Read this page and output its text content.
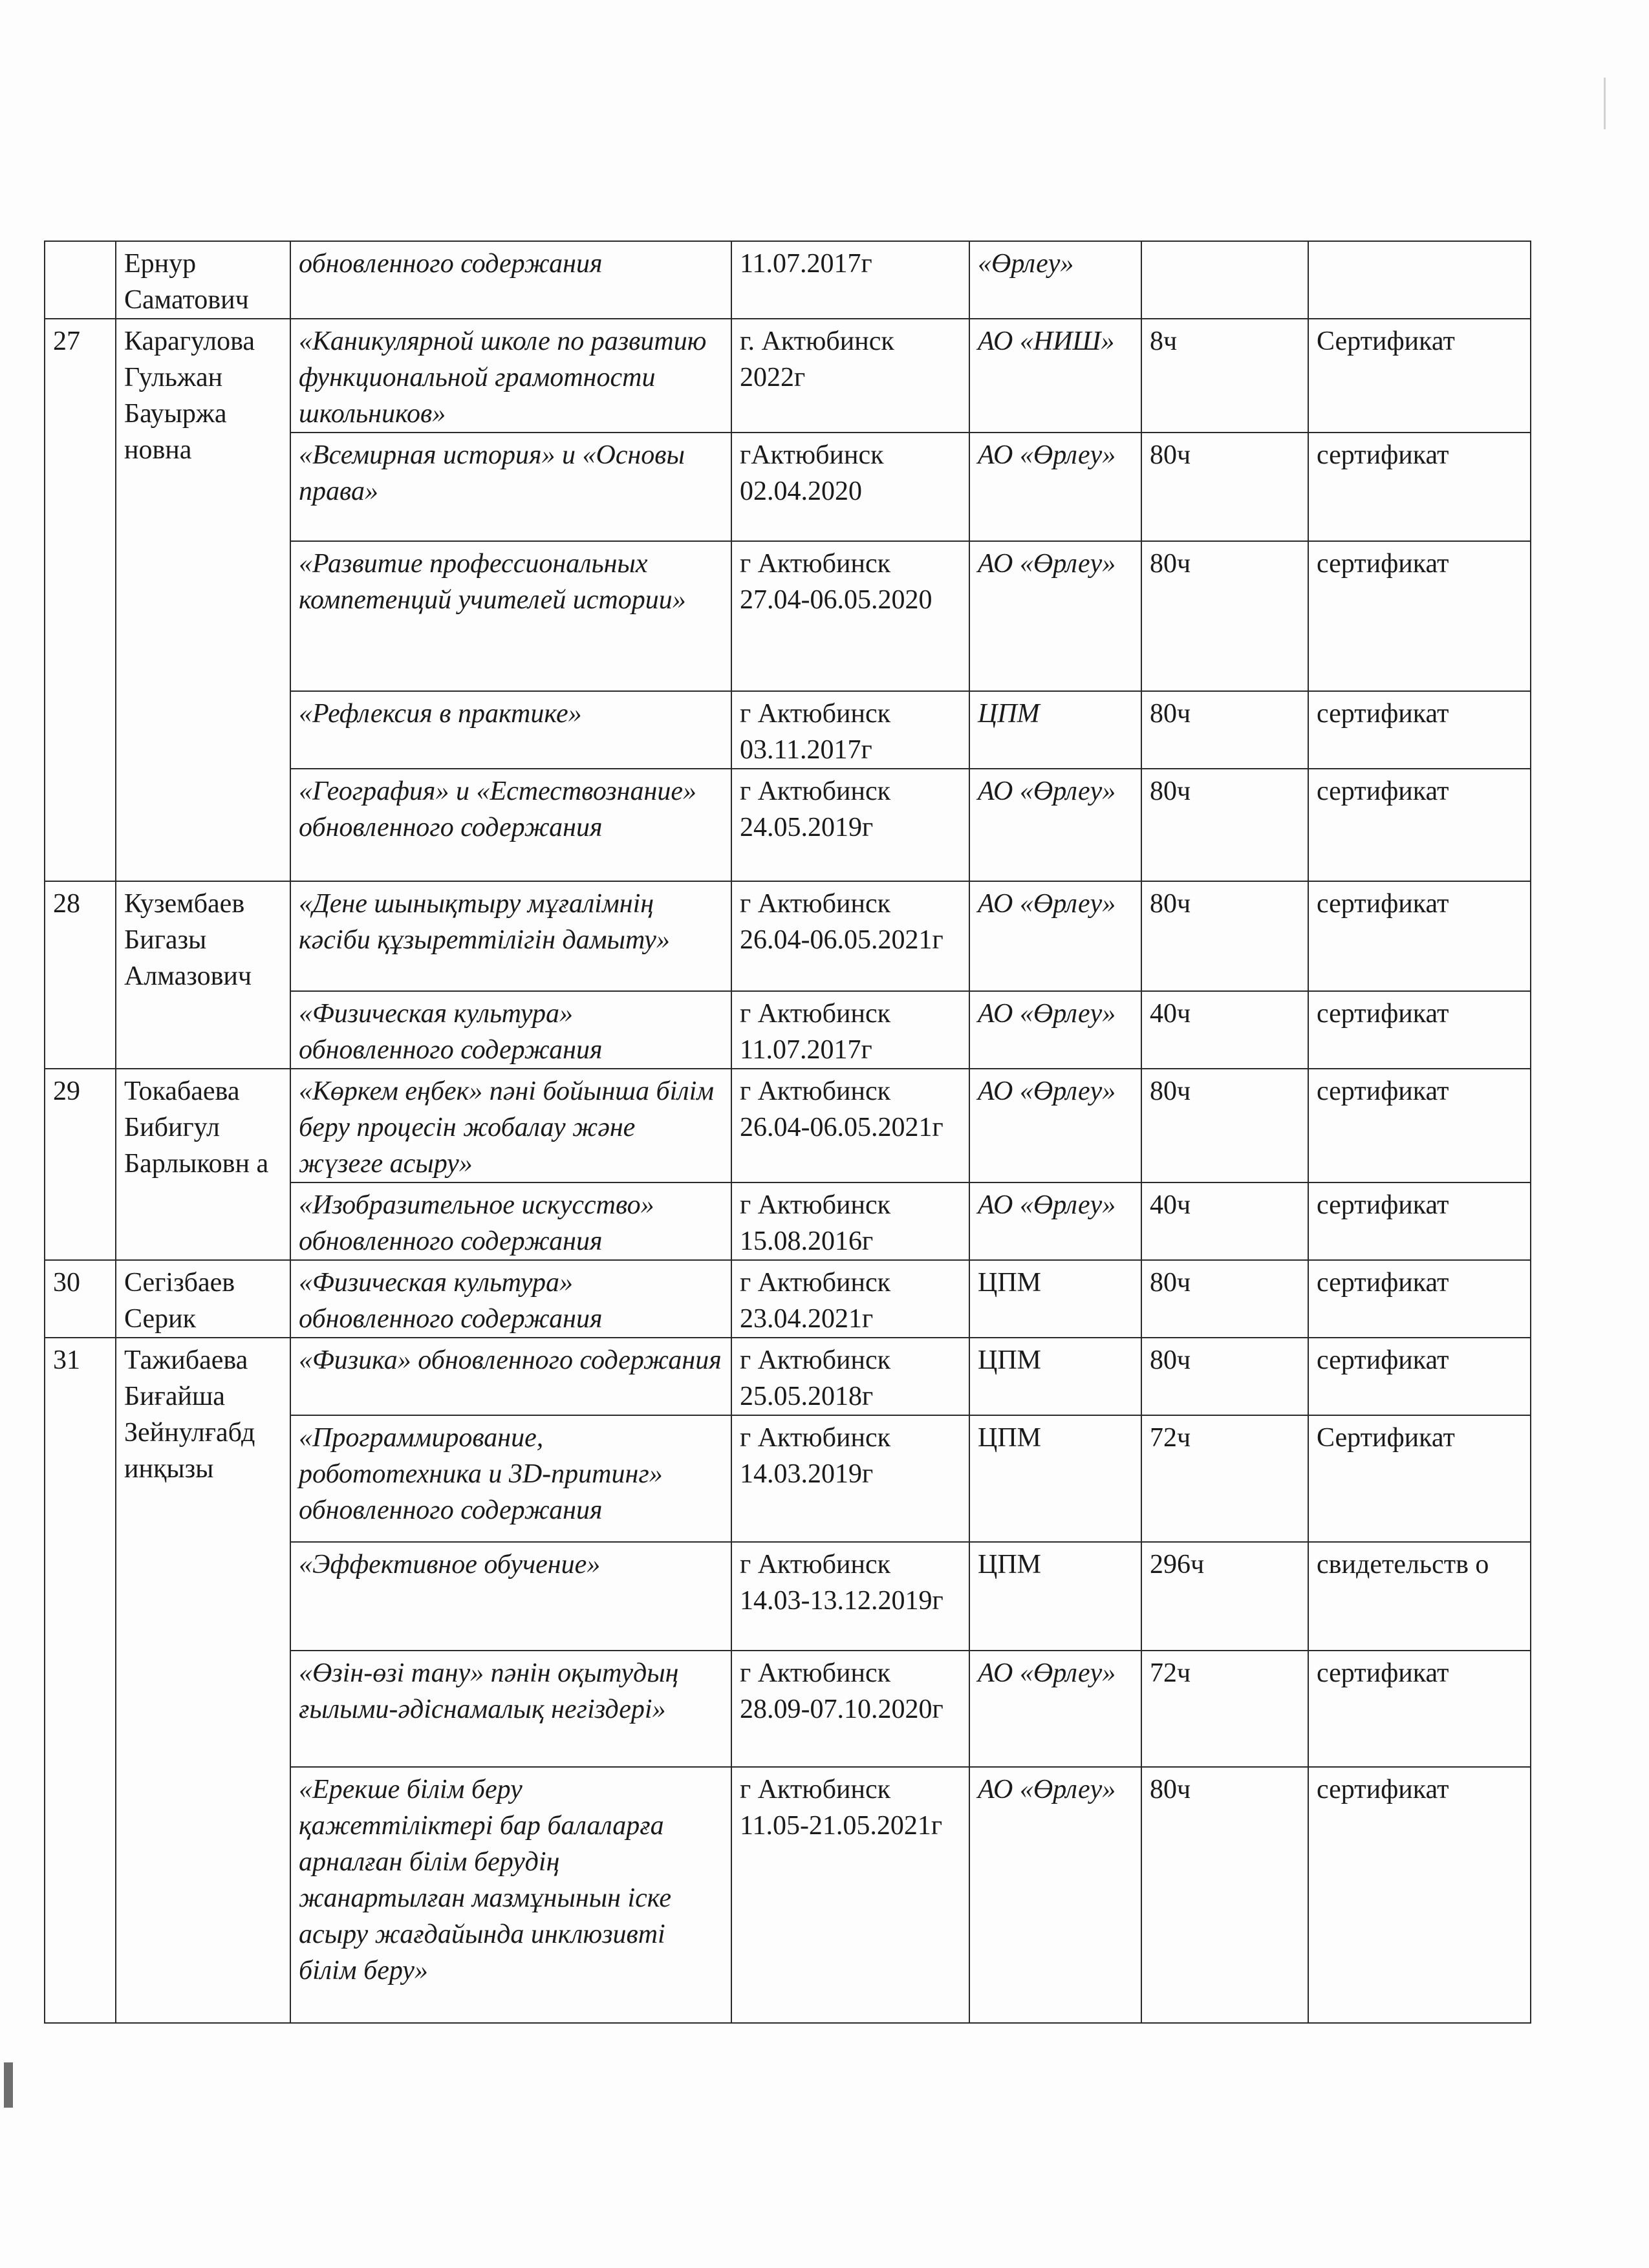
	Ернур Саматович	обновленного содержания	11.07.2017г	«Өрлеу»		
27	Карагулова Гульжан Бауыржа новна	«Каникулярной школе по развитию функциональной грамотности школьников»	г. Актюбинск 2022г	АО «НИШ»	8ч	Сертификат
		«Всемирная история» и «Основы права»	гАктюбинск 02.04.2020	АО «Өрлеу»	80ч	сертификат
		«Развитие профессиональных компетенций учителей истории»	г Актюбинск 27.04-06.05.2020	АО «Өрлеу»	80ч	сертификат
		«Рефлексия в практике»	г Актюбинск 03.11.2017г	ЦПМ	80ч	сертификат
		«География» и «Естествознание» обновленного содержания	г Актюбинск 24.05.2019г	АО «Өрлеу»	80ч	сертификат
28	Кузембаев Бигазы Алмазович	«Дене шынықтыру мұғалімнің кәсіби құзыреттілігін дамыту»	г Актюбинск 26.04-06.05.2021г	АО «Өрлеу»	80ч	сертификат
		«Физическая культура» обновленного содержания	г Актюбинск 11.07.2017г	АО «Өрлеу»	40ч	сертификат
29	Токабаева Бибигул Барлыковн а	«Көркем еңбек» пәні бойынша білім беру процесін жобалау және жүзеге асыру»	г Актюбинск 26.04-06.05.2021г	АО «Өрлеу»	80ч	сертификат
		«Изобразительное искусство» обновленного содержания	г Актюбинск 15.08.2016г	АО «Өрлеу»	40ч	сертификат
30	Сегізбаев Серик	«Физическая культура» обновленного содержания	г Актюбинск 23.04.2021г	ЦПМ	80ч	сертификат
31	Тажибаева Биғайша Зейнулғабд инқызы	«Физика» обновленного содержания	г Актюбинск 25.05.2018г	ЦПМ	80ч	сертификат
		«Программирование, робототехника и 3D-притинг» обновленного содержания	г Актюбинск 14.03.2019г	ЦПМ	72ч	Сертификат
		«Эффективное обучение»	г Актюбинск 14.03-13.12.2019г	ЦПМ	296ч	свидетельств о
		«Өзін-өзі тану» пәнін оқытудың ғылыми-әдіснамалық негіздері»	г Актюбинск 28.09-07.10.2020г	АО «Өрлеу»	72ч	сертификат
		«Ерекше білім беру қажеттіліктері бар балаларға арналған білім берудің жанартылған мазмұнынын іске асыру жағдайында инклюзивті білім беру»	г Актюбинск 11.05-21.05.2021г	АО «Өрлеу»	80ч	сертификат
